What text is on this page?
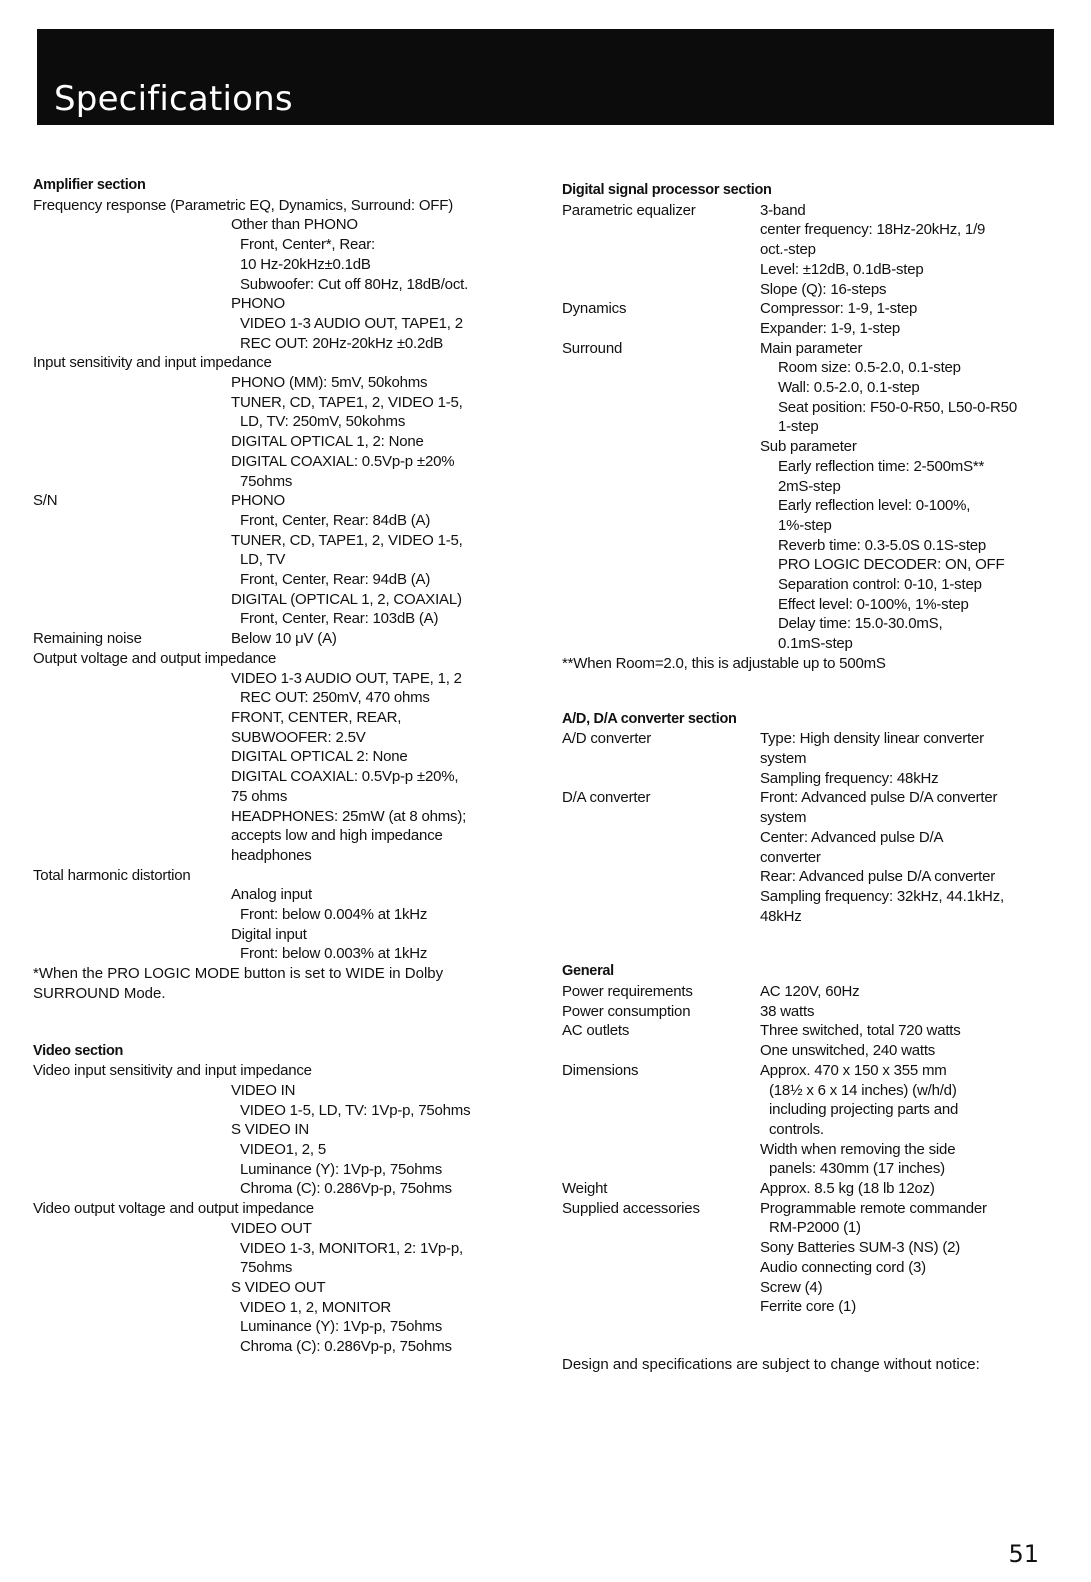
Specifications
Amplifier section
Frequency response (Parametric EQ, Dynamics, Surround: OFF)
Other than PHONO
Front, Center*, Rear:
10 Hz-20kHz±0.1dB
Subwoofer: Cut off 80Hz, 18dB/oct.
PHONO
VIDEO 1-3 AUDIO OUT, TAPE1, 2
REC OUT: 20Hz-20kHz ±0.2dB
Input sensitivity and input impedance
PHONO (MM): 5mV, 50kohms
TUNER, CD, TAPE1, 2, VIDEO 1-5,
LD, TV: 250mV, 50kohms
DIGITAL OPTICAL 1, 2: None
DIGITAL COAXIAL: 0.5Vp-p ±20%
75ohms
S/N	PHONO
Front, Center, Rear: 84dB (A)
TUNER, CD, TAPE1, 2, VIDEO 1-5,
LD, TV
Front, Center, Rear: 94dB (A)
DIGITAL (OPTICAL 1, 2, COAXIAL)
Front, Center, Rear: 103dB (A)
Remaining noise	Below 10 μV (A)
Output voltage and output impedance
VIDEO 1-3 AUDIO OUT, TAPE, 1, 2
REC OUT: 250mV, 470 ohms
FRONT, CENTER, REAR,
SUBWOOFER: 2.5V
DIGITAL OPTICAL 2: None
DIGITAL COAXIAL: 0.5Vp-p ±20%,
75 ohms
HEADPHONES: 25mW (at 8 ohms);
accepts low and high impedance
headphones
Total harmonic distortion
Analog input
Front: below 0.004% at 1kHz
Digital input
Front: below 0.003% at 1kHz
*When the PRO LOGIC MODE button is set to WIDE in Dolby SURROUND Mode.
Video section
Video input sensitivity and input impedance
VIDEO IN
VIDEO 1-5, LD, TV: 1Vp-p, 75ohms
S VIDEO IN
VIDEO1, 2, 5
Luminance (Y): 1Vp-p, 75ohms
Chroma (C): 0.286Vp-p, 75ohms
Video output voltage and output impedance
VIDEO OUT
VIDEO 1-3, MONITOR1, 2: 1Vp-p,
75ohms
S VIDEO OUT
VIDEO 1, 2, MONITOR
Luminance (Y): 1Vp-p, 75ohms
Chroma (C): 0.286Vp-p, 75ohms
Digital signal processor section
Parametric equalizer	3-band
center frequency: 18Hz-20kHz, 1/9
oct.-step
Level: ±12dB, 0.1dB-step
Slope (Q): 16-steps
Dynamics	Compressor: 1-9, 1-step
Expander: 1-9, 1-step
Surround	Main parameter
Room size: 0.5-2.0, 0.1-step
Wall: 0.5-2.0, 0.1-step
Seat position: F50-0-R50, L50-0-R50
1-step
Sub parameter
Early reflection time: 2-500mS**
2mS-step
Early reflection level: 0-100%,
1%-step
Reverb time: 0.3-5.0S 0.1S-step
PRO LOGIC DECODER: ON, OFF
Separation control: 0-10, 1-step
Effect level: 0-100%, 1%-step
Delay time: 15.0-30.0mS,
0.1mS-step
**When Room=2.0, this is adjustable up to 500mS
A/D, D/A converter section
A/D converter	Type: High density linear converter
system
Sampling frequency: 48kHz
D/A converter	Front: Advanced pulse D/A converter
system
Center: Advanced pulse D/A
converter
Rear: Advanced pulse D/A converter
Sampling frequency: 32kHz, 44.1kHz,
48kHz
General
Power requirements	AC 120V, 60Hz
Power consumption	38 watts
AC outlets	Three switched, total 720 watts
One unswitched, 240 watts
Dimensions	Approx. 470 x 150 x 355 mm
(18½ x 6 x 14 inches) (w/h/d)
including projecting parts and
controls.
Width when removing the side
panels: 430mm (17 inches)
Weight	Approx. 8.5 kg (18 lb 12oz)
Supplied accessories	Programmable remote commander
RM-P2000 (1)
Sony Batteries SUM-3 (NS) (2)
Audio connecting cord (3)
Screw (4)
Ferrite core (1)
Design and specifications are subject to change without notice:
51
